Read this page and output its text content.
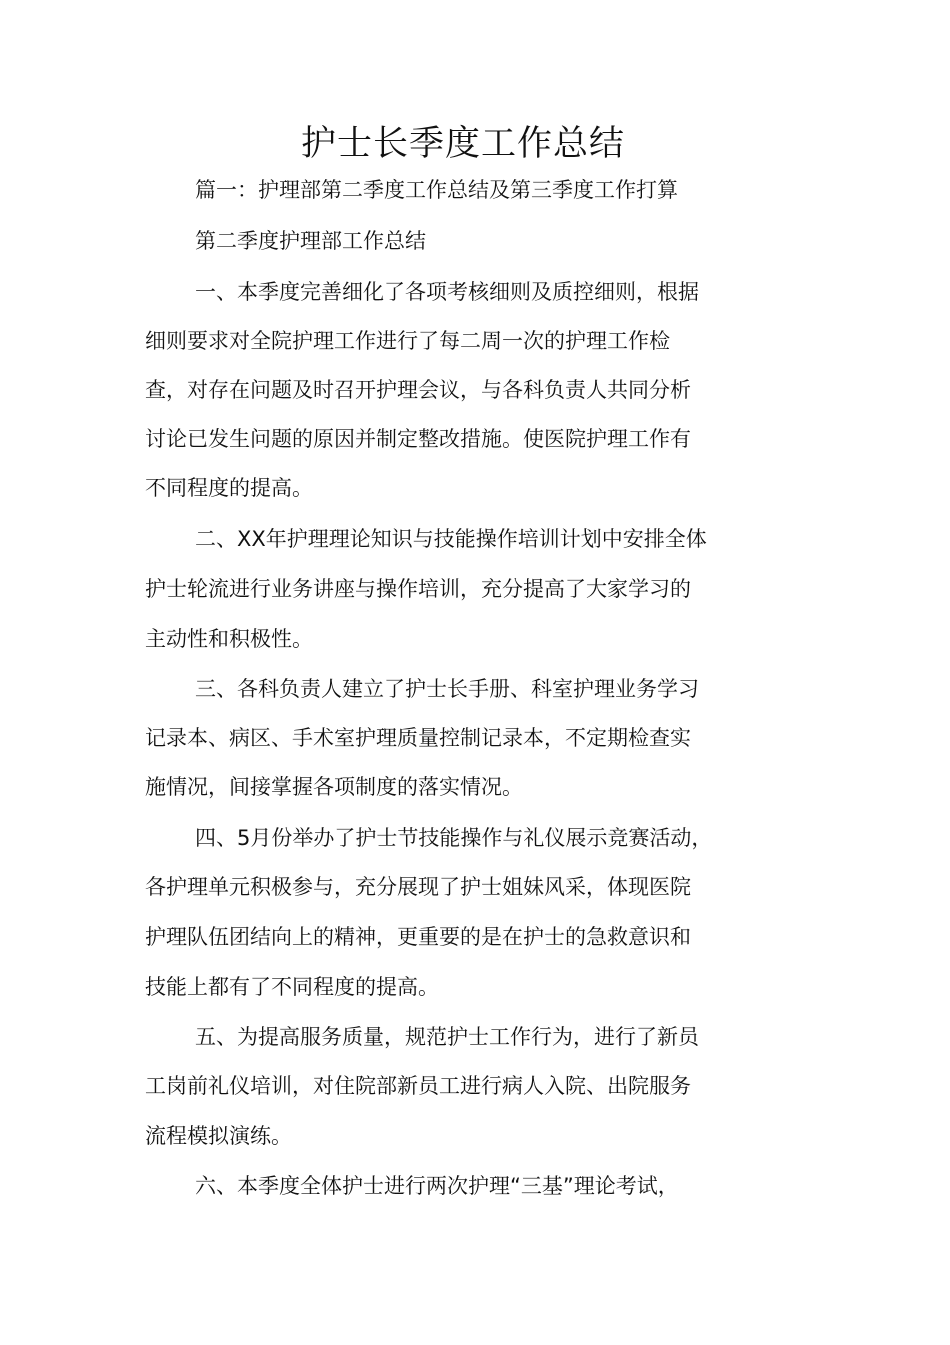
护士长季度工作总结

篇一：护理部第二季度工作总结及第三季度工作打算

第二季度护理部工作总结

一、本季度完善细化了各项考核细则及质控细则，根据

细则要求对全院护理工作进行了每二周一次的护理工作检

查，对存在问题及时召开护理会议，与各科负责人共同分析

讨论已发生问题的原因并制定整改措施。使医院护理工作有

不同程度的提高。

二、XX年护理理论知识与技能操作培训计划中安排全体

护士轮流进行业务讲座与操作培训，充分提高了大家学习的

主动性和积极性。

三、各科负责人建立了护士长手册、科室护理业务学习

记录本、病区、手术室护理质量控制记录本，不定期检查实

施情况，间接掌握各项制度的落实情况。

四、5月份举办了护士节技能操作与礼仪展示竞赛活动，

各护理单元积极参与，充分展现了护士姐妹风采，体现医院

护理队伍团结向上的精神，更重要的是在护士的急救意识和

技能上都有了不同程度的提高。

五、为提高服务质量，规范护士工作行为，进行了新员

工岗前礼仪培训，对住院部新员工进行病人入院、出院服务

流程模拟演练。

六、本季度全体护士进行两次护理“三基”理论考试，
